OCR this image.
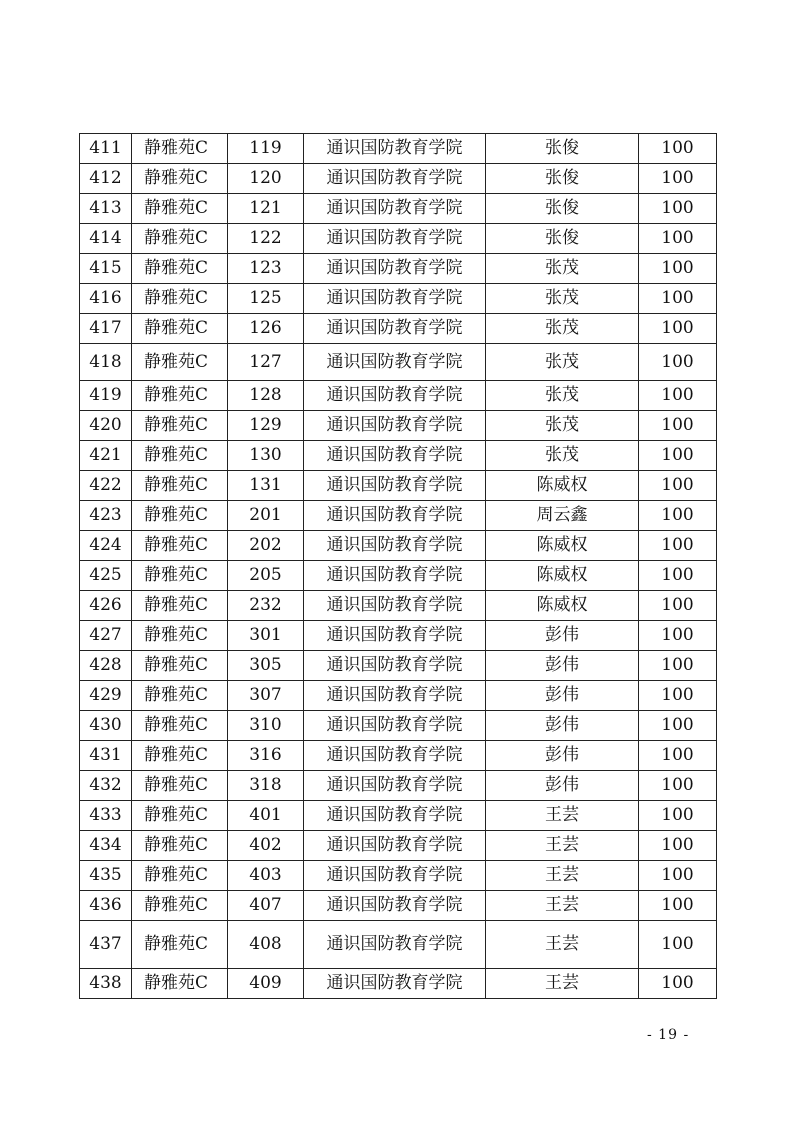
411	静雅苑C	119	通识国防教育学院	张俊	100
412	静雅苑C	120	通识国防教育学院	张俊	100
413	静雅苑C	121	通识国防教育学院	张俊	100
414	静雅苑C	122	通识国防教育学院	张俊	100
415	静雅苑C	123	通识国防教育学院	张茂	100
416	静雅苑C	125	通识国防教育学院	张茂	100
417	静雅苑C	126	通识国防教育学院	张茂	100
418	静雅苑C	127	通识国防教育学院	张茂	100
419	静雅苑C	128	通识国防教育学院	张茂	100
420	静雅苑C	129	通识国防教育学院	张茂	100
421	静雅苑C	130	通识国防教育学院	张茂	100
422	静雅苑C	131	通识国防教育学院	陈威权	100
423	静雅苑C	201	通识国防教育学院	周云鑫	100
424	静雅苑C	202	通识国防教育学院	陈威权	100
425	静雅苑C	205	通识国防教育学院	陈威权	100
426	静雅苑C	232	通识国防教育学院	陈威权	100
427	静雅苑C	301	通识国防教育学院	彭伟	100
428	静雅苑C	305	通识国防教育学院	彭伟	100
429	静雅苑C	307	通识国防教育学院	彭伟	100
430	静雅苑C	310	通识国防教育学院	彭伟	100
431	静雅苑C	316	通识国防教育学院	彭伟	100
432	静雅苑C	318	通识国防教育学院	彭伟	100
433	静雅苑C	401	通识国防教育学院	王芸	100
434	静雅苑C	402	通识国防教育学院	王芸	100
435	静雅苑C	403	通识国防教育学院	王芸	100
436	静雅苑C	407	通识国防教育学院	王芸	100
437	静雅苑C	408	通识国防教育学院	王芸	100
438	静雅苑C	409	通识国防教育学院	王芸	100
- 19 -
